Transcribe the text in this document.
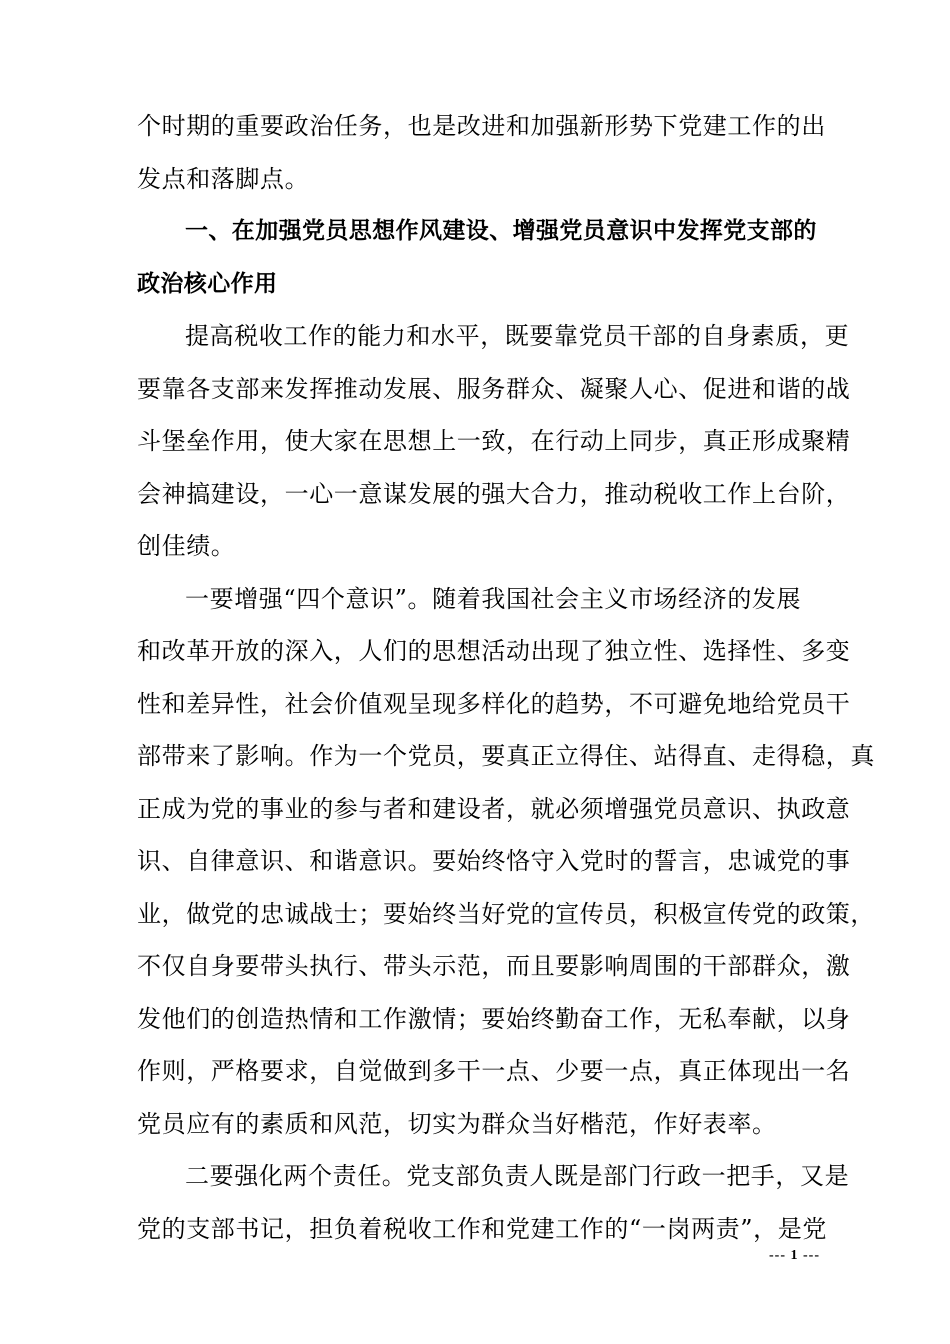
个时期的重要政治任务，也是改进和加强新形势下党建工作的出
发点和落脚点。
一、在加强党员思想作风建设、增强党员意识中发挥党支部的
政治核心作用
提高税收工作的能力和水平，既要靠党员干部的自身素质，更
要靠各支部来发挥推动发展、服务群众、凝聚人心、促进和谐的战
斗堡垒作用，使大家在思想上一致，在行动上同步，真正形成聚精
会神搞建设，一心一意谋发展的强大合力，推动税收工作上台阶，
创佳绩。
一要增强“四个意识”。随着我国社会主义市场经济的发展
和改革开放的深入，人们的思想活动出现了独立性、选择性、多变
性和差异性，社会价值观呈现多样化的趋势，不可避免地给党员干
部带来了影响。作为一个党员，要真正立得住、站得直、走得稳，真
正成为党的事业的参与者和建设者，就必须增强党员意识、执政意
识、自律意识、和谐意识。要始终恪守入党时的誓言，忠诚党的事
业，做党的忠诚战士；要始终当好党的宣传员，积极宣传党的政策，
不仅自身要带头执行、带头示范，而且要影响周围的干部群众，激
发他们的创造热情和工作激情；要始终勤奋工作，无私奉献，以身
作则，严格要求，自觉做到多干一点、少要一点，真正体现出一名
党员应有的素质和风范，切实为群众当好楷范，作好表率。
二要强化两个责任。党支部负责人既是部门行政一把手，又是
党的支部书记，担负着税收工作和党建工作的“一岗两责”，是党
--- 1 ---
